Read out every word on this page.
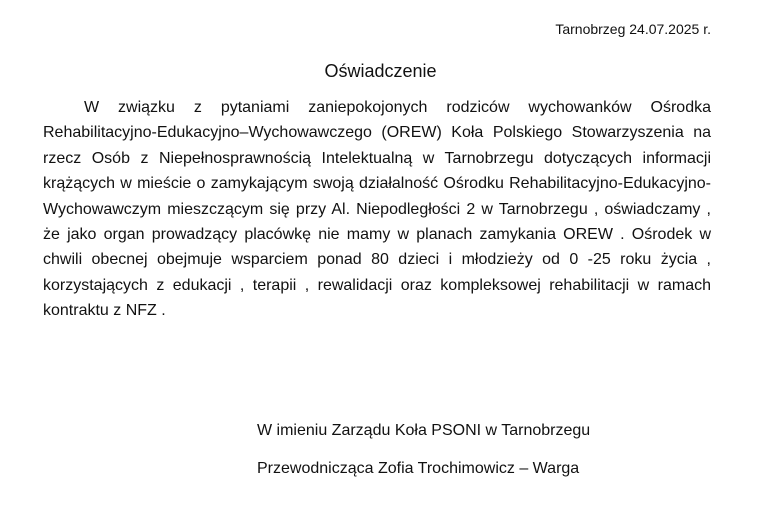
Tarnobrzeg 24.07.2025 r.
Oświadczenie

W związku z pytaniami zaniepokojonych rodziców wychowanków Ośrodka Rehabilitacyjno-Edukacyjno–Wychowawczego (OREW) Koła Polskiego Stowarzyszenia na rzecz Osób z Niepełnosprawnością Intelektualną w Tarnobrzegu dotyczących informacji krążących w mieście o zamykającym swoją działalność Ośrodku Rehabilitacyjno-Edukacyjno- Wychowawczym mieszczącym się przy Al. Niepodległości 2 w Tarnobrzegu , oświadczamy , że jako organ prowadzący placówkę nie mamy w planach zamykania OREW . Ośrodek w chwili obecnej obejmuje wsparciem ponad 80 dzieci i młodzieży od 0 -25 roku życia , korzystających z edukacji , terapii , rewalidacji oraz kompleksowej rehabilitacji w ramach kontraktu z NFZ .

W imieniu Zarządu Koła PSONI w Tarnobrzegu
Przewodnicząca Zofia Trochimowicz – Warga
